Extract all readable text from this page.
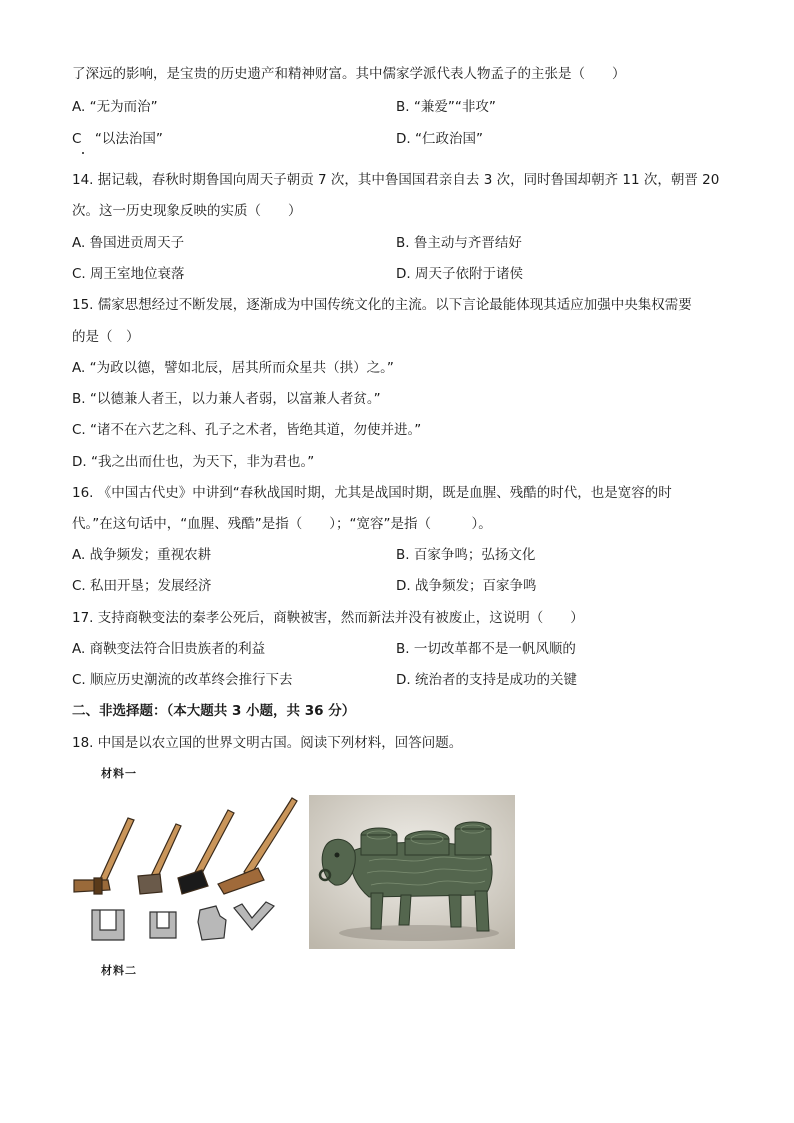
了深远的影响，是宝贵的历史遗产和精神财富。其中儒家学派代表人物孟子的主张是（　　）
A. “无为而治”	B. “兼爱”“非攻”
C　“以法治国”	D. “仁政治国”
14. 据记载，春秋时期鲁国向周天子朝贡 7 次，其中鲁国国君亲自去 3 次，同时鲁国却朝齐 11 次，朝晋 20
次。这一历史现象反映的实质（　　）
A. 鲁国进贡周天子	B. 鲁主动与齐晋结好
C. 周王室地位衰落	D. 周天子依附于诸侯
15. 儒家思想经过不断发展，逐渐成为中国传统文化的主流。以下言论最能体现其适应加强中央集权需要
的是（　）
A. “为政以德，譬如北辰，居其所而众星共（拱）之。”
B. “以德兼人者王，以力兼人者弱，以富兼人者贫。”
C. “诸不在六艺之科、孔子之术者，皆绝其道，勿使并进。”
D. “我之出而仕也，为天下，非为君也。”
16. 《中国古代史》中讲到“春秋战国时期，尤其是战国时期，既是血腥、残酷的时代，也是宽容的时
代。”在这句话中，“血腥、残酷”是指（　　）；“宽容”是指（　　　）。
A. 战争频发；重视农耕	B. 百家争鸣；弘扬文化
C. 私田开垦；发展经济	D. 战争频发；百家争鸣
17. 支持商鞅变法的秦孝公死后，商鞅被害，然而新法并没有被废止，这说明（　　）
A. 商鞅变法符合旧贵族者的利益	B. 一切改革都不是一帆风顺的
C. 顺应历史潮流的改革终会推行下去	D. 统治者的支持是成功的关键
二、非选择题：（本大题共 3 小题，共 36 分）
18. 中国是以农立国的世界文明古国。阅读下列材料，回答问题。
材料一
材料二
